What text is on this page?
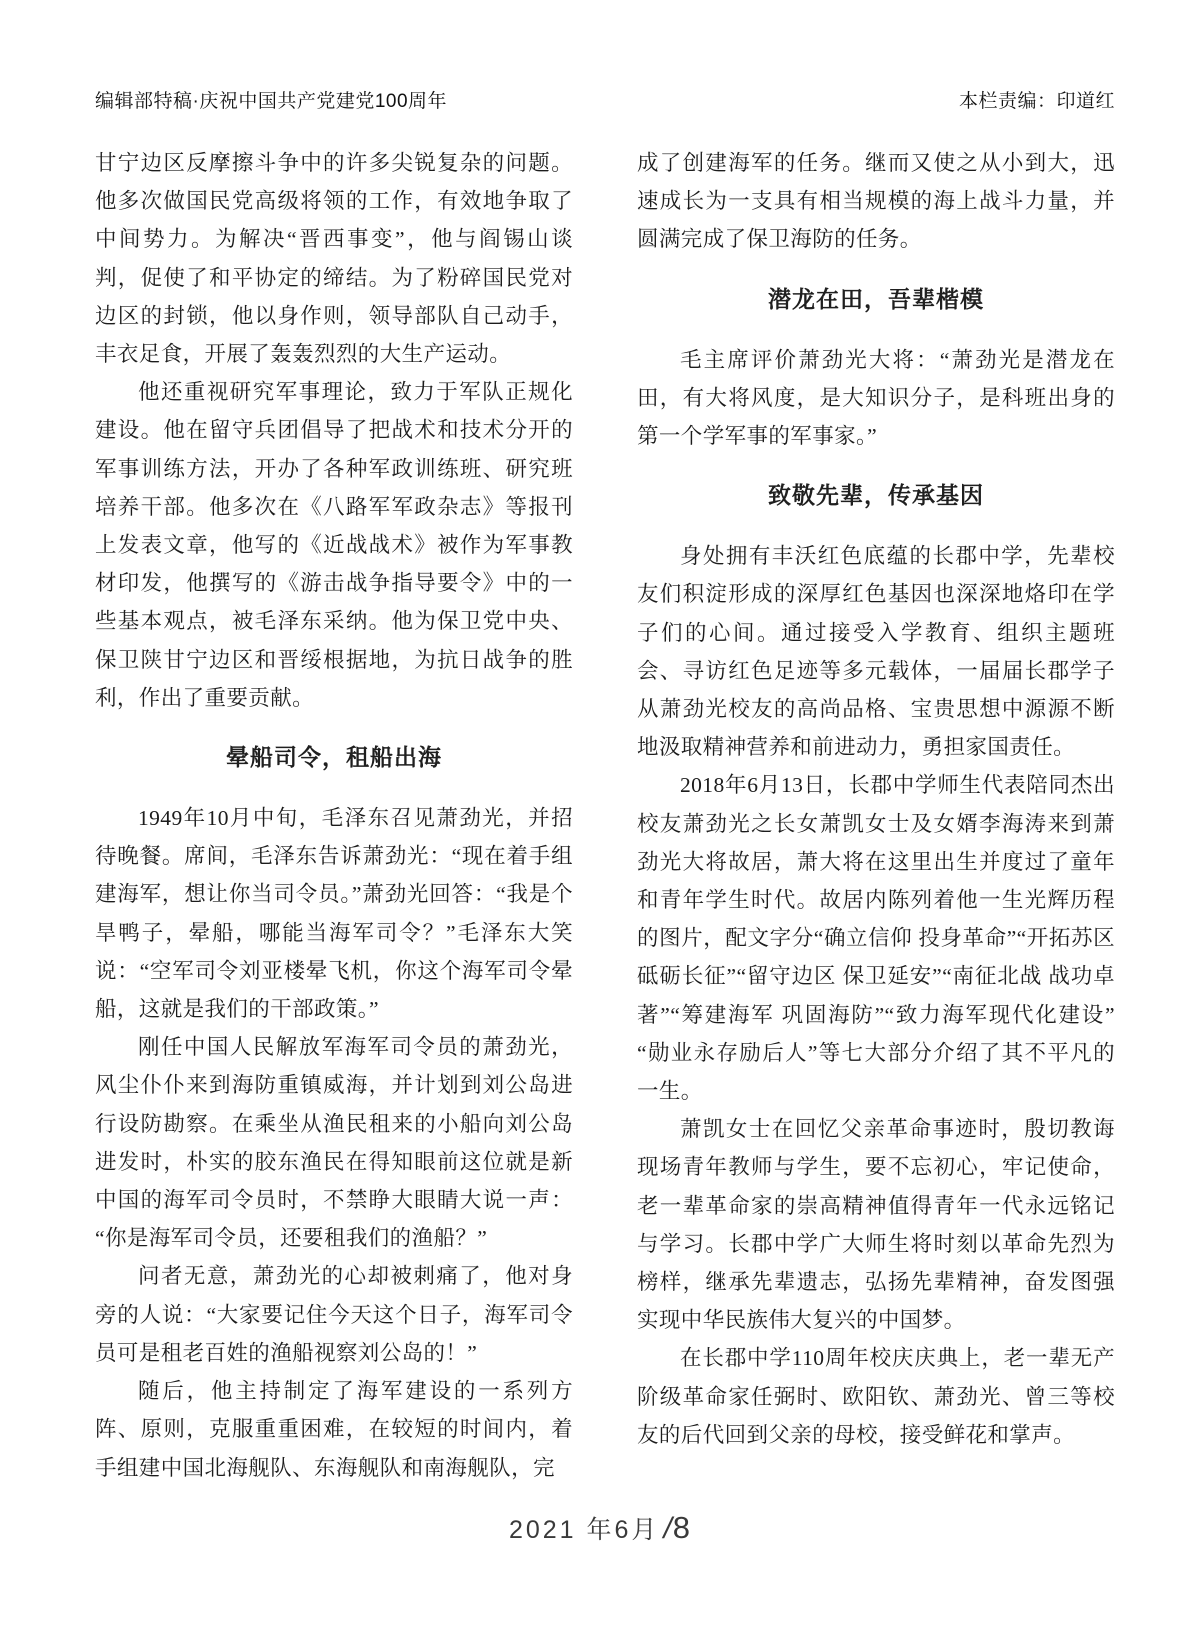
编辑部特稿·庆祝中国共产党建党100周年	本栏责编：印道红

甘宁边区反摩擦斗争中的许多尖锐复杂的问题。他多次做国民党高级将领的工作，有效地争取了中间势力。为解决“晋西事变”，他与阎锡山谈判，促使了和平协定的缔结。为了粉碎国民党对边区的封锁，他以身作则，领导部队自己动手，丰衣足食，开展了轰轰烈烈的大生产运动。

他还重视研究军事理论，致力于军队正规化建设。他在留守兵团倡导了把战术和技术分开的军事训练方法，开办了各种军政训练班、研究班培养干部。他多次在《八路军军政杂志》等报刊上发表文章，他写的《近战战术》被作为军事教材印发，他撰写的《游击战争指导要令》中的一些基本观点，被毛泽东采纳。他为保卫党中央、保卫陕甘宁边区和晋绥根据地，为抗日战争的胜利，作出了重要贡献。

晕船司令，租船出海

1949年10月中旬，毛泽东召见萧劲光，并招待晚餐。席间，毛泽东告诉萧劲光：“现在着手组建海军，想让你当司令员。”萧劲光回答：“我是个旱鸭子，晕船，哪能当海军司令？”毛泽东大笑说：“空军司令刘亚楼晕飞机，你这个海军司令晕船，这就是我们的干部政策。”

刚任中国人民解放军海军司令员的萧劲光，风尘仆仆来到海防重镇威海，并计划到刘公岛进行设防勘察。在乘坐从渔民租来的小船向刘公岛进发时，朴实的胶东渔民在得知眼前这位就是新中国的海军司令员时，不禁睁大眼睛大说一声：“你是海军司令员，还要租我们的渔船？”

问者无意，萧劲光的心却被刺痛了，他对身旁的人说：“大家要记住今天这个日子，海军司令员可是租老百姓的渔船视察刘公岛的！”

随后，他主持制定了海军建设的一系列方阵、原则，克服重重困难，在较短的时间内，着手组建中国北海舰队、东海舰队和南海舰队，完

成了创建海军的任务。继而又使之从小到大，迅速成长为一支具有相当规模的海上战斗力量，并圆满完成了保卫海防的任务。

潜龙在田，吾辈楷模

毛主席评价萧劲光大将：“萧劲光是潜龙在田，有大将风度，是大知识分子，是科班出身的第一个学军事的军事家。”

致敬先辈，传承基因

身处拥有丰沃红色底蕴的长郡中学，先辈校友们积淀形成的深厚红色基因也深深地烙印在学子们的心间。通过接受入学教育、组织主题班会、寻访红色足迹等多元载体，一届届长郡学子从萧劲光校友的高尚品格、宝贵思想中源源不断地汲取精神营养和前进动力，勇担家国责任。

2018年6月13日，长郡中学师生代表陪同杰出校友萧劲光之长女萧凯女士及女婿李海涛来到萧劲光大将故居，萧大将在这里出生并度过了童年和青年学生时代。故居内陈列着他一生光辉历程的图片，配文字分“确立信仰 投身革命”“开拓苏区 砥砺长征”“留守边区 保卫延安”“南征北战 战功卓著”“筹建海军 巩固海防”“致力海军现代化建设”“勋业永存励后人”等七大部分介绍了其不平凡的一生。

萧凯女士在回忆父亲革命事迹时，殷切教诲现场青年教师与学生，要不忘初心，牢记使命，老一辈革命家的崇高精神值得青年一代永远铭记与学习。长郡中学广大师生将时刻以革命先烈为榜样，继承先辈遗志，弘扬先辈精神，奋发图强实现中华民族伟大复兴的中国梦。

在长郡中学110周年校庆庆典上，老一辈无产阶级革命家任弼时、欧阳钦、萧劲光、曾三等校友的后代回到父亲的母校，接受鲜花和掌声。

2021 年6月 /8
